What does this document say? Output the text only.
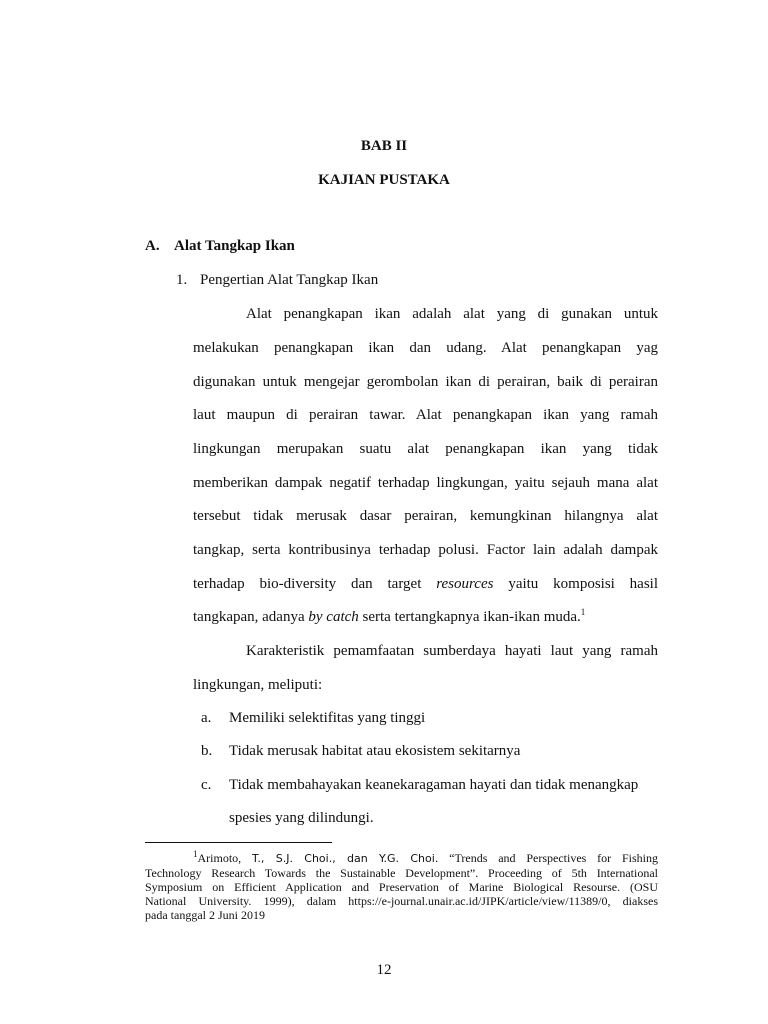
BAB II
KAJIAN PUSTAKA
A. Alat Tangkap Ikan
1. Pengertian Alat Tangkap Ikan
Alat penangkapan ikan adalah alat yang di gunakan untuk
melakukan penangkapan ikan dan udang. Alat penangkapan yag
digunakan untuk mengejar gerombolan ikan di perairan, baik di perairan
laut maupun di perairan tawar. Alat penangkapan ikan yang ramah
lingkungan merupakan suatu alat penangkapan ikan yang tidak
memberikan dampak negatif terhadap lingkungan, yaitu sejauh mana alat
tersebut tidak merusak dasar perairan, kemungkinan hilangnya alat
tangkap, serta kontribusinya terhadap polusi. Factor lain adalah dampak
terhadap bio-diversity dan target resources yaitu komposisi hasil
tangkapan, adanya by catch serta tertangkapnya ikan-ikan muda.$^1$
Karakteristik pemamfaatan sumberdaya hayati laut yang ramah
lingkungan, meliputi:
a. Memiliki selektifitas yang tinggi
b. Tidak merusak habitat atau ekosistem sekitarnya
c. Tidak membahayakan keanekaragaman hayati dan tidak menangkap
spesies yang dilindungi.
$^1$Arimoto, T., S.J. Choi., dan Y.G. Choi. “Trends and Perspectives for Fishing
Technology Research Towards the Sustainable Development”. Proceeding of 5th International
Symposium on Efficient Application and Preservation of Marine Biological Resourse. (OSU
National University. 1999), dalam https://e-journal.unair.ac.id/JIPK/article/view/11389/0, diakses
pada tanggal 2 Juni 2019
12
